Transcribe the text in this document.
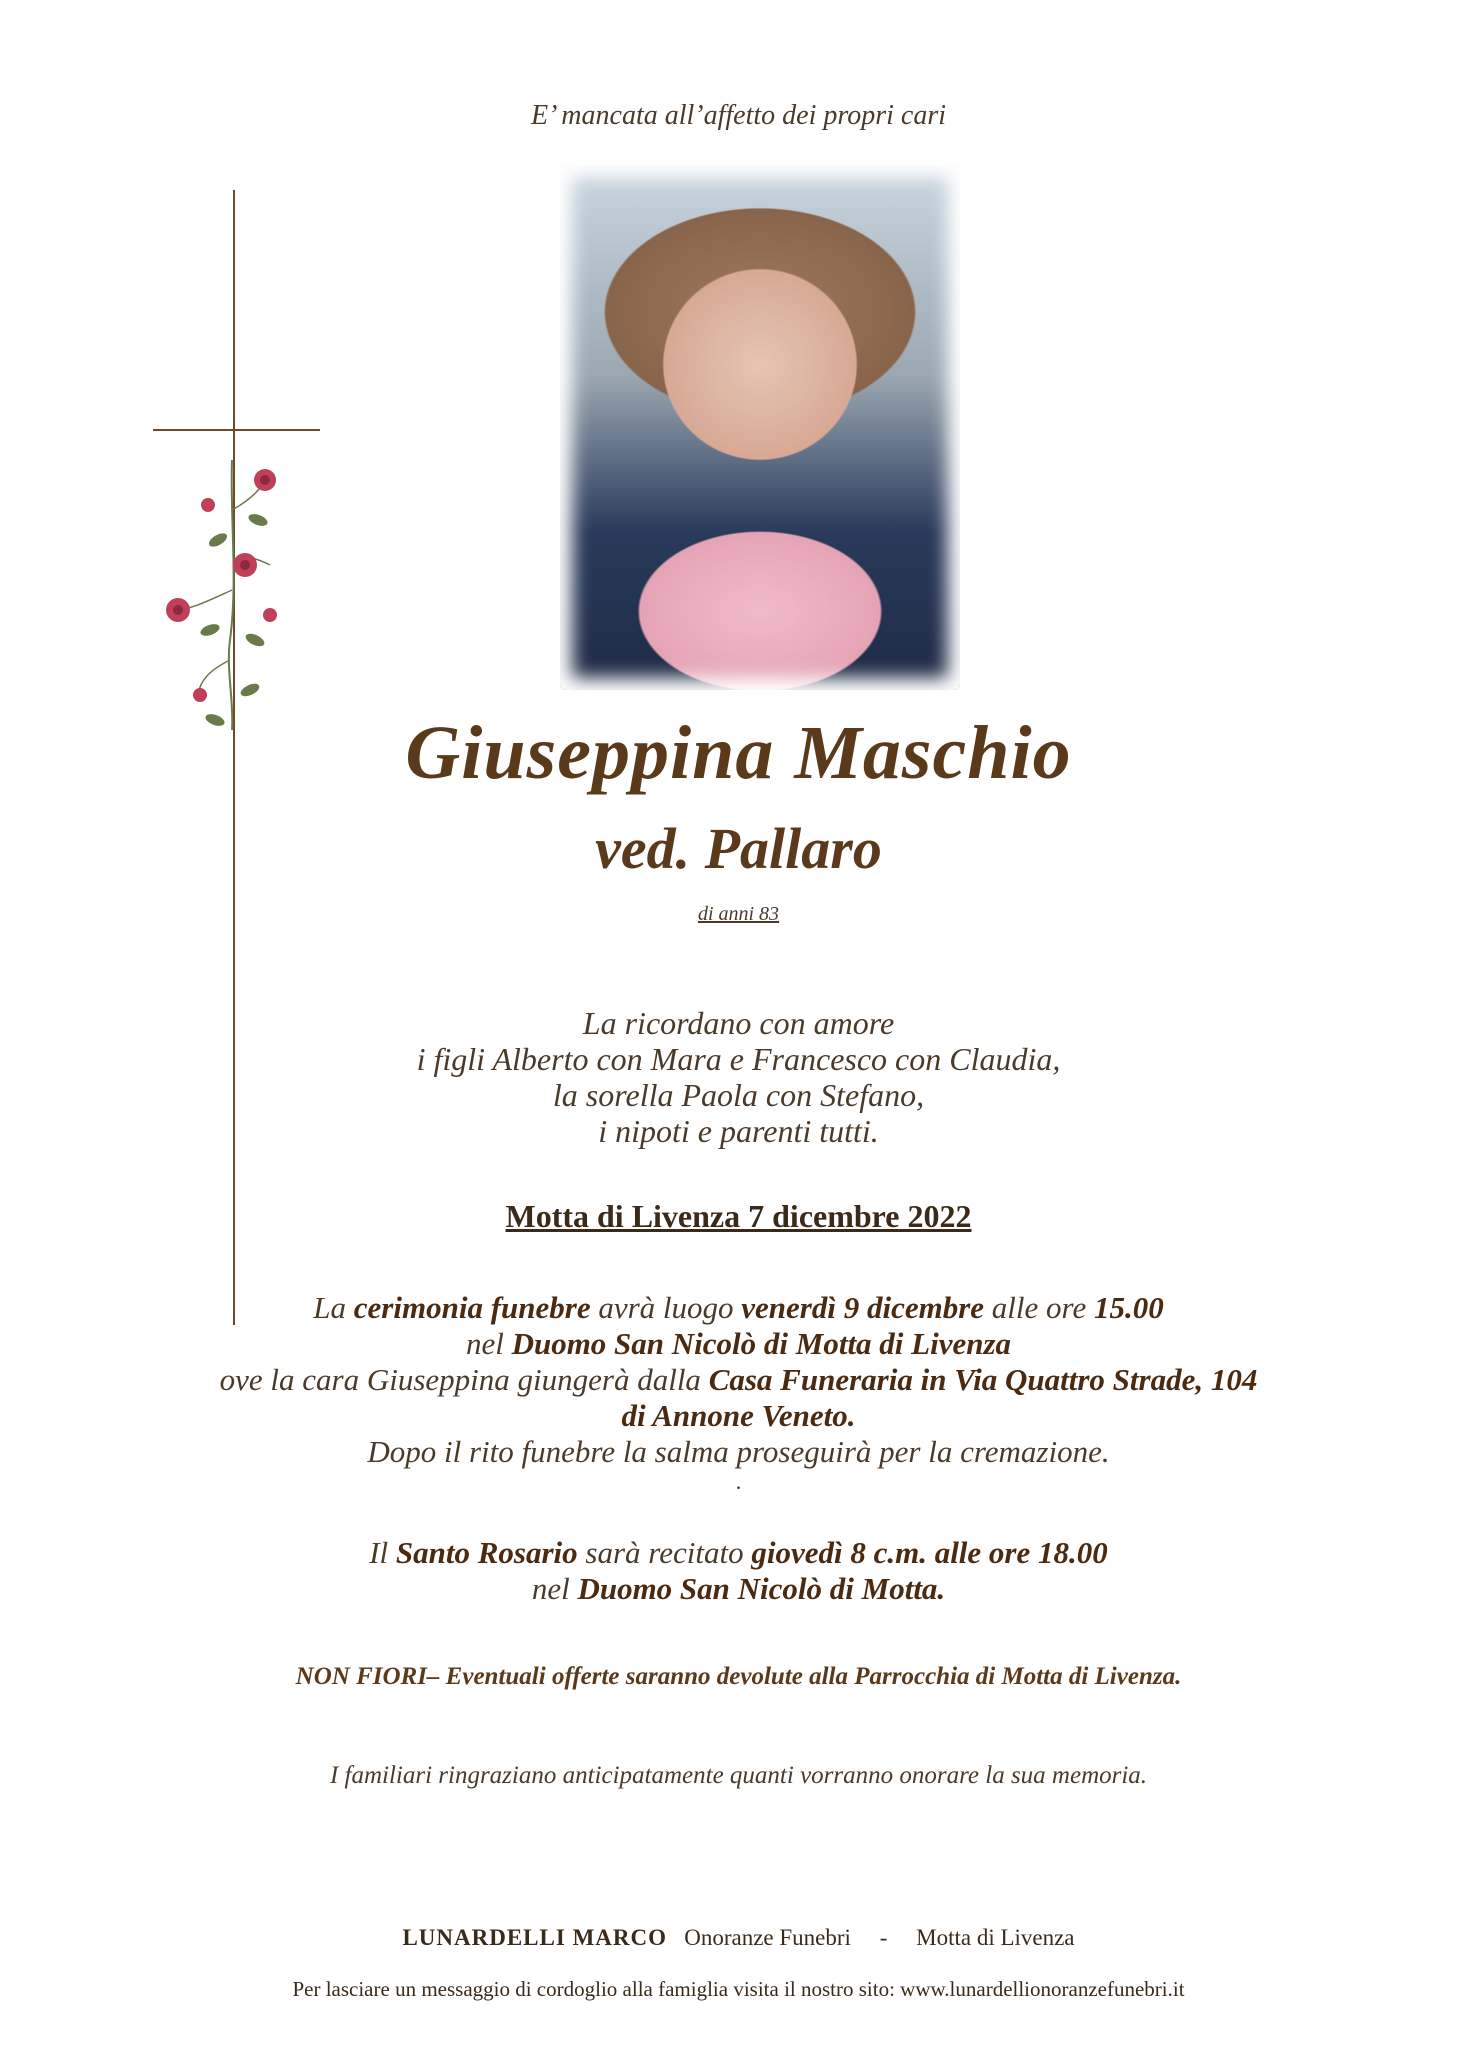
E’ mancata all’affetto dei propri cari
Giuseppina Maschio
ved. Pallaro
di anni 83
La ricordano con amore
i figli Alberto con Mara e Francesco con Claudia,
la sorella Paola con Stefano,
i nipoti e parenti tutti.
Motta di Livenza 7 dicembre 2022
La cerimonia funebre avrà luogo venerdì 9 dicembre alle ore 15.00
nel Duomo San Nicolò di Motta di Livenza
ove la cara Giuseppina giungerà dalla Casa Funeraria in Via Quattro Strade, 104
di Annone Veneto.
Dopo il rito funebre la salma proseguirà per la cremazione.
.
Il Santo Rosario sarà recitato giovedì 8 c.m. alle ore 18.00
nel Duomo San Nicolò di Motta.
NON FIORI– Eventuali offerte saranno devolute alla Parrocchia di Motta di Livenza.
I familiari ringraziano anticipatamente quanti vorranno onorare la sua memoria.
LUNARDELLI MARCO Onoranze Funebri - Motta di Livenza
Per lasciare un messaggio di cordoglio alla famiglia visita il nostro sito: www.lunardellionoranzefunebri.it
